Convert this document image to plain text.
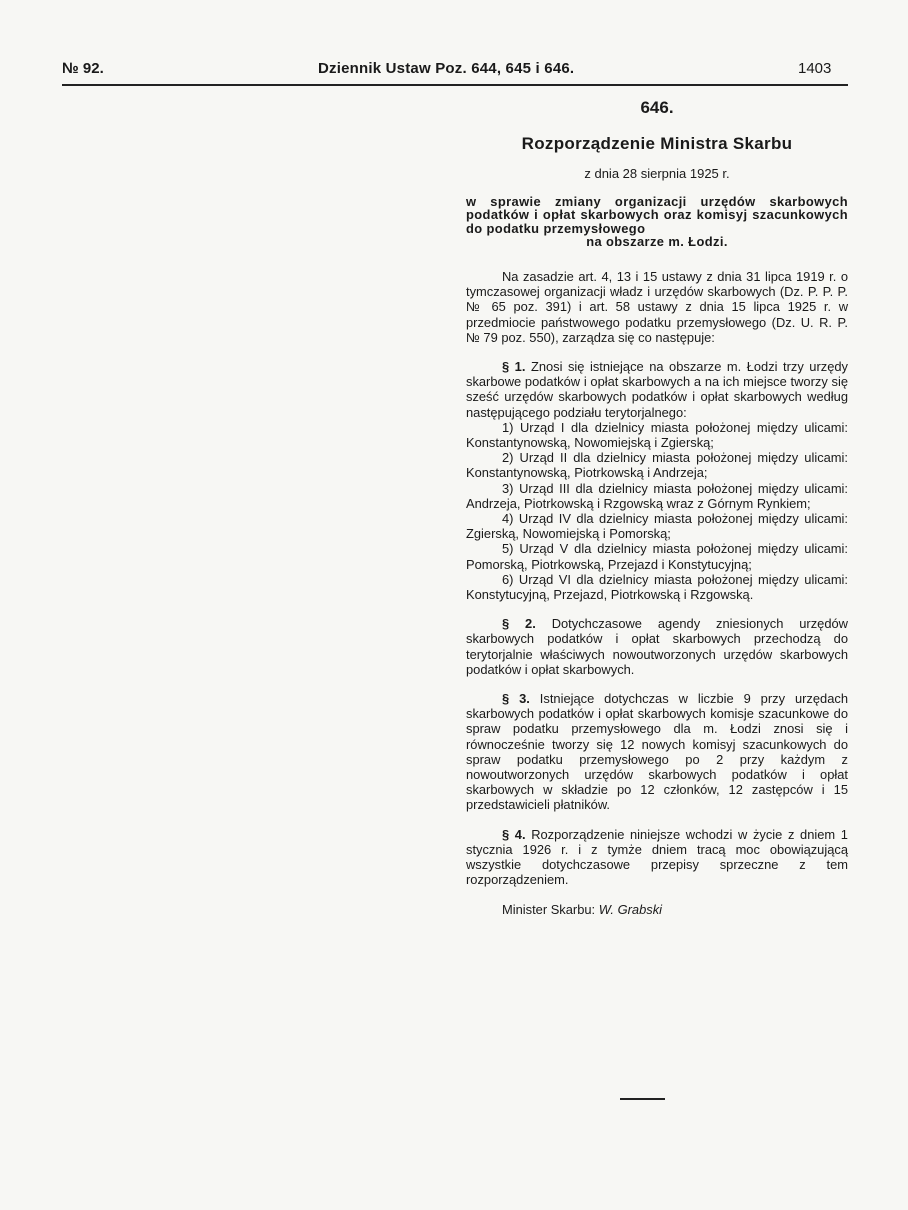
№ 92.	Dziennik Ustaw Poz. 644, 645 i 646.	1403
646.
Rozporządzenie Ministra Skarbu
z dnia 28 sierpnia 1925 r.
w sprawie zmiany organizacji urzędów skarbowych podatków i opłat skarbowych oraz komisyj szacunkowych do podatku przemysłowego
na obszarze m. Łodzi.

Na zasadzie art. 4, 13 i 15 ustawy z dnia 31 lipca 1919 r. o tymczasowej organizacji władz i urzędów skarbowych (Dz. P. P. P. № 65 poz. 391) i art. 58 ustawy z dnia 15 lipca 1925 r. w przedmiocie państwowego podatku przemysłowego (Dz. U. R. P. № 79 poz. 550), zarządza się co następuje:

§ 1. Znosi się istniejące na obszarze m. Łodzi trzy urzędy skarbowe podatków i opłat skarbowych a na ich miejsce tworzy się sześć urzędów skarbowych podatków i opłat skarbowych według następującego podziału terytorjalnego:

1) Urząd I dla dzielnicy miasta położonej między ulicami: Konstantynowską, Nowomiejską i Zgierską;

2) Urząd II dla dzielnicy miasta położonej między ulicami: Konstantynowską, Piotrkowską i Andrzeja;

3) Urząd III dla dzielnicy miasta położonej między ulicami: Andrzeja, Piotrkowską i Rzgowską wraz z Górnym Rynkiem;

4) Urząd IV dla dzielnicy miasta położonej między ulicami: Zgierską, Nowomiejską i Pomorską;

5) Urząd V dla dzielnicy miasta położonej między ulicami: Pomorską, Piotrkowską, Przejazd i Konstytucyjną;

6) Urząd VI dla dzielnicy miasta położonej między ulicami: Konstytucyjną, Przejazd, Piotrkowską i Rzgowską.

§ 2. Dotychczasowe agendy zniesionych urzędów skarbowych podatków i opłat skarbowych przechodzą do terytorjalnie właściwych nowoutworzonych urzędów skarbowych podatków i opłat skarbowych.

§ 3. Istniejące dotychczas w liczbie 9 przy urzędach skarbowych podatków i opłat skarbowych komisje szacunkowe do spraw podatku przemysłowego dla m. Łodzi znosi się i równocześnie tworzy się 12 nowych komisyj szacunkowych do spraw podatku przemysłowego po 2 przy każdym z nowoutworzonych urzędów skarbowych podatków i opłat skarbowych w składzie po 12 członków, 12 zastępców i 15 przedstawicieli płatników.

§ 4. Rozporządzenie niniejsze wchodzi w życie z dniem 1 stycznia 1926 r. i z tymże dniem tracą moc obowiązującą wszystkie dotychczasowe przepisy sprzeczne z tem rozporządzeniem.

Minister Skarbu: W. Grabski
